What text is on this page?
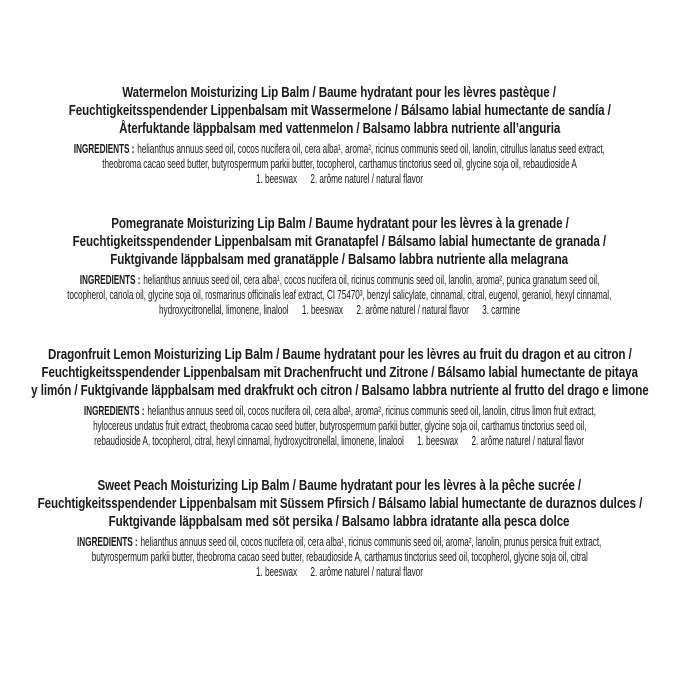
Watermelon Moisturizing Lip Balm / Baume hydratant pour les lèvres pastèque /
Feuchtigkeitsspendender Lippenbalsam mit Wassermelone / Bálsamo labial humectante de sandía /
Återfuktande läppbalsam med vattenmelon / Balsamo labbra nutriente all’anguria
INGREDIENTS : helianthus annuus seed oil, cocos nucifera oil, cera alba¹, aroma², ricinus communis seed oil, lanolin, citrullus lanatus seed extract,
theobroma cacao seed butter, butyrospermum parkii butter, tocopherol, carthamus tinctorius seed oil, glycine soja oil, rebaudioside A
1. beeswax      2. arôme naturel / natural flavor
Pomegranate Moisturizing Lip Balm / Baume hydratant pour les lèvres à la grenade /
Feuchtigkeitsspendender Lippenbalsam mit Granatapfel / Bálsamo labial humectante de granada /
Fuktgivande läppbalsam med granatäpple / Balsamo labbra nutriente alla melagrana
INGREDIENTS : helianthus annuus seed oil, cera alba¹, cocos nucifera oil, ricinus communis seed oil, lanolin, aroma², punica granatum seed oil,
tocopherol, canola oil, glycine soja oil, rosmarinus officinalis leaf extract, CI 75470³, benzyl salicylate, cinnamal, citral, eugenol, geraniol, hexyl cinnamal,
hydroxycitronellal, limonene, linalool      1. beeswax      2. arôme naturel / natural flavor      3. carmine
Dragonfruit Lemon Moisturizing Lip Balm / Baume hydratant pour les lèvres au fruit du dragon et au citron /
Feuchtigkeitsspendender Lippenbalsam mit Drachenfrucht und Zitrone / Bálsamo labial humectante de pitaya
y limón / Fuktgivande läppbalsam med drakfrukt och citron / Balsamo labbra nutriente al frutto del drago e limone
INGREDIENTS : helianthus annuus seed oil, cocos nucifera oil, cera alba¹, aroma², ricinus communis seed oil, lanolin, citrus limon fruit extract,
hylocereus undatus fruit extract, theobroma cacao seed butter, butyrospermum parkii butter, glycine soja oil, carthamus tinctorius seed oil,
rebaudioside A, tocopherol, citral, hexyl cinnamal, hydroxycitronellal, limonene, linalool      1. beeswax      2. arôme naturel / natural flavor
Sweet Peach Moisturizing Lip Balm / Baume hydratant pour les lèvres à la pêche sucrée /
Feuchtigkeitsspendender Lippenbalsam mit Süssem Pfirsich / Bálsamo labial humectante de duraznos dulces /
Fuktgivande läppbalsam med söt persika / Balsamo labbra idratante alla pesca dolce
INGREDIENTS : helianthus annuus seed oil, cocos nucifera oil, cera alba¹, ricinus communis seed oil, aroma², lanolin, prunus persica fruit extract,
butyrospermum parkii butter, theobroma cacao seed butter, rebaudioside A, carthamus tinctorius seed oil, tocopherol, glycine soja oil, citral
1. beeswax      2. arôme naturel / natural flavor
